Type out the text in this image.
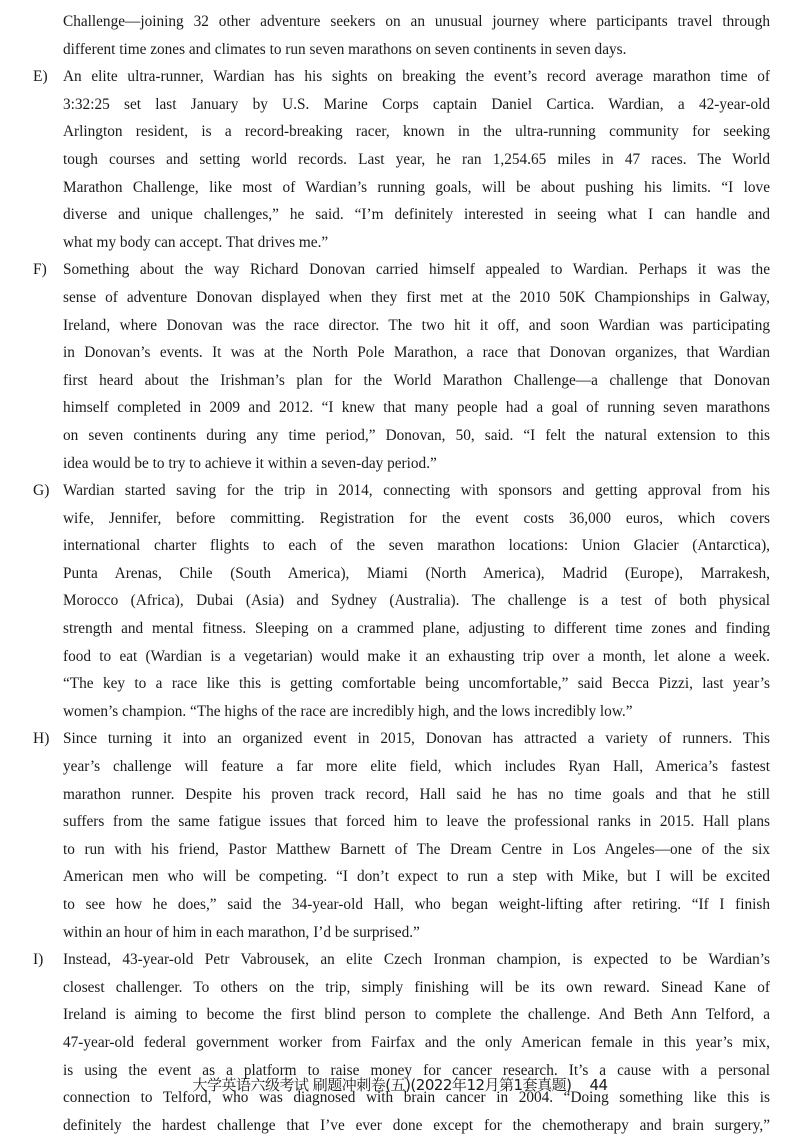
Challenge—joining 32 other adventure seekers on an unusual journey where participants travel through
different time zones and climates to run seven marathons on seven continents in seven days.
E) An elite ultra-runner, Wardian has his sights on breaking the event’s record average marathon time of
3:32:25 set last January by U.S. Marine Corps captain Daniel Cartica. Wardian, a 42-year-old
Arlington resident, is a record-breaking racer, known in the ultra-running community for seeking
tough courses and setting world records. Last year, he ran 1,254.65 miles in 47 races. The World
Marathon Challenge, like most of Wardian’s running goals, will be about pushing his limits. “I love
diverse and unique challenges,” he said. “I’m definitely interested in seeing what I can handle and
what my body can accept. That drives me.”
F) Something about the way Richard Donovan carried himself appealed to Wardian. Perhaps it was the
sense of adventure Donovan displayed when they first met at the 2010 50K Championships in Galway,
Ireland, where Donovan was the race director. The two hit it off, and soon Wardian was participating
in Donovan’s events. It was at the North Pole Marathon, a race that Donovan organizes, that Wardian
first heard about the Irishman’s plan for the World Marathon Challenge—a challenge that Donovan
himself completed in 2009 and 2012. “I knew that many people had a goal of running seven marathons
on seven continents during any time period,” Donovan, 50, said. “I felt the natural extension to this
idea would be to try to achieve it within a seven-day period.”
G) Wardian started saving for the trip in 2014, connecting with sponsors and getting approval from his
wife, Jennifer, before committing. Registration for the event costs 36,000 euros, which covers
international charter flights to each of the seven marathon locations: Union Glacier (Antarctica),
Punta Arenas, Chile (South America), Miami (North America), Madrid (Europe), Marrakesh,
Morocco (Africa), Dubai (Asia) and Sydney (Australia). The challenge is a test of both physical
strength and mental fitness. Sleeping on a crammed plane, adjusting to different time zones and finding
food to eat (Wardian is a vegetarian) would make it an exhausting trip over a month, let alone a week.
“The key to a race like this is getting comfortable being uncomfortable,” said Becca Pizzi, last year’s
women’s champion. “The highs of the race are incredibly high, and the lows incredibly low.”
H) Since turning it into an organized event in 2015, Donovan has attracted a variety of runners. This
year’s challenge will feature a far more elite field, which includes Ryan Hall, America’s fastest
marathon runner. Despite his proven track record, Hall said he has no time goals and that he still
suffers from the same fatigue issues that forced him to leave the professional ranks in 2015. Hall plans
to run with his friend, Pastor Matthew Barnett of The Dream Centre in Los Angeles—one of the six
American men who will be competing. “I don’t expect to run a step with Mike, but I will be excited
to see how he does,” said the 34-year-old Hall, who began weight-lifting after retiring. “If I finish
within an hour of him in each marathon, I’d be surprised.”
I) Instead, 43-year-old Petr Vabrousek, an elite Czech Ironman champion, is expected to be Wardian’s
closest challenger. To others on the trip, simply finishing will be its own reward. Sinead Kane of
Ireland is aiming to become the first blind person to complete the challenge. And Beth Ann Telford, a
47-year-old federal government worker from Fairfax and the only American female in this year’s mix,
is using the event as a platform to raise money for cancer research. It’s a cause with a personal
connection to Telford, who was diagnosed with brain cancer in 2004. “Doing something like this is
definitely the hardest challenge that I’ve ever done except for the chemotherapy and brain surgery,”
大学英语六级考试 刷题冲刺卷(五)(2022年12月第1套真题) 44
